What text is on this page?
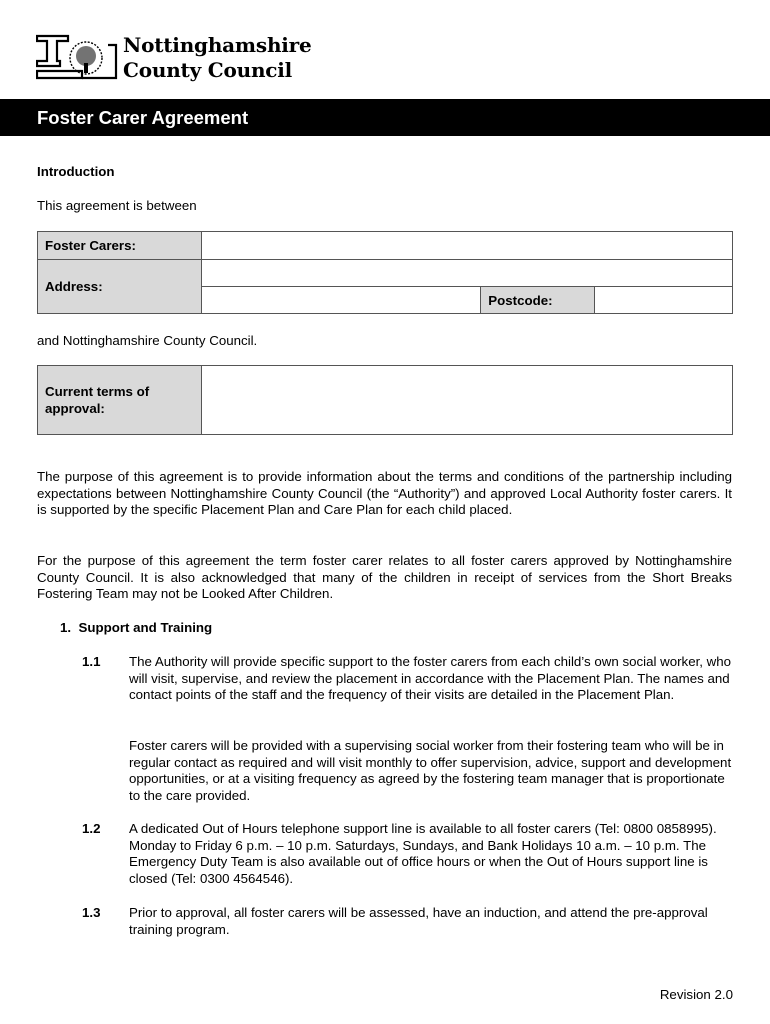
Nottinghamshire
County Council
Foster Carer Agreement
Introduction
This agreement is between
Foster Carers:			
Address:			
		Postcode:	
and Nottinghamshire County Council.
Current terms of
approval:

The purpose of this agreement is to provide information about the terms and conditions of the partnership including expectations between Nottinghamshire County Council (the “Authority”) and approved Local Authority foster carers. It is supported by the specific Placement Plan and Care Plan for each child placed.
For the purpose of this agreement the term foster carer relates to all foster carers approved by Nottinghamshire County Council. It is also acknowledged that many of the children in receipt of services from the Short Breaks Fostering Team may not be Looked After Children.
1.  Support and Training
1.1 The Authority will provide specific support to the foster carers from each child’s own social worker, who will visit, supervise, and review the placement in accordance with the Placement Plan. The names and contact points of the staff and the frequency of their visits are detailed in the Placement Plan.
Foster carers will be provided with a supervising social worker from their fostering team who will be in regular contact as required and will visit monthly to offer supervision, advice, support and development opportunities, or at a visiting frequency as agreed by the fostering team manager that is proportionate to the care provided.
1.2 A dedicated Out of Hours telephone support line is available to all foster carers (Tel: 0800 0858995). Monday to Friday 6 p.m. – 10 p.m. Saturdays, Sundays, and Bank Holidays 10 a.m. – 10 p.m. The Emergency Duty Team is also available out of office hours or when the Out of Hours support line is closed (Tel: 0300 4564546).
1.3 Prior to approval, all foster carers will be assessed, have an induction, and attend the pre-approval training program.
Revision 2.0
